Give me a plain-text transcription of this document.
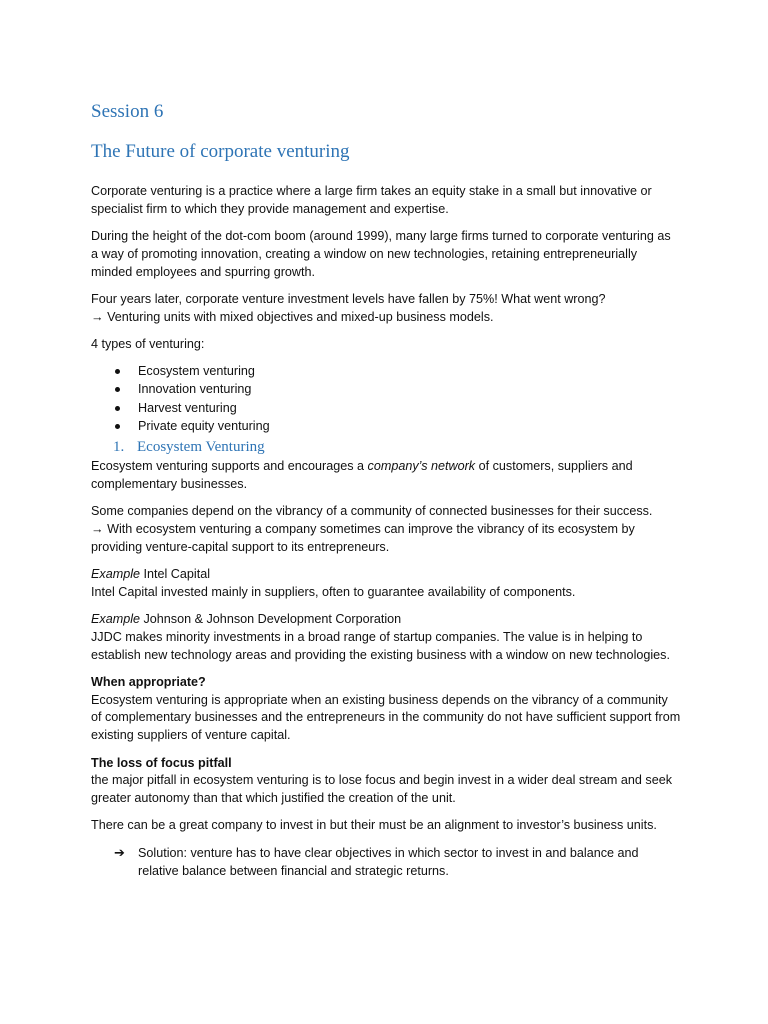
Session 6
The Future of corporate venturing

Corporate venturing is a practice where a large firm takes an equity stake in a small but innovative or specialist firm to which they provide management and expertise.

During the height of the dot-com boom (around 1999), many large firms turned to corporate venturing as a way of promoting innovation, creating a window on new technologies, retaining entrepreneurially minded employees and spurring growth.

Four years later, corporate venture investment levels have fallen by 75%! What went wrong?
→ Venturing units with mixed objectives and mixed-up business models.

4 types of venturing:

Ecosystem venturing
Innovation venturing
Harvest venturing
Private equity venturing
1. Ecosystem Venturing

Ecosystem venturing supports and encourages a company’s network of customers, suppliers and complementary businesses.

Some companies depend on the vibrancy of a community of connected businesses for their success.
→ With ecosystem venturing a company sometimes can improve the vibrancy of its ecosystem by providing venture-capital support to its entrepreneurs.

Example Intel Capital
Intel Capital invested mainly in suppliers, often to guarantee availability of components.

Example Johnson & Johnson Development Corporation
JJDC makes minority investments in a broad range of startup companies. The value is in helping to establish new technology areas and providing the existing business with a window on new technologies.

When appropriate?
Ecosystem venturing is appropriate when an existing business depends on the vibrancy of a community of complementary businesses and the entrepreneurs in the community do not have sufficient support from existing suppliers of venture capital.

The loss of focus pitfall
the major pitfall in ecosystem venturing is to lose focus and begin invest in a wider deal stream and seek greater autonomy than that which justified the creation of the unit.

There can be a great company to invest in but their must be an alignment to investor’s business units.

➔ Solution: venture has to have clear objectives in which sector to invest in and balance and relative balance between financial and strategic returns.
